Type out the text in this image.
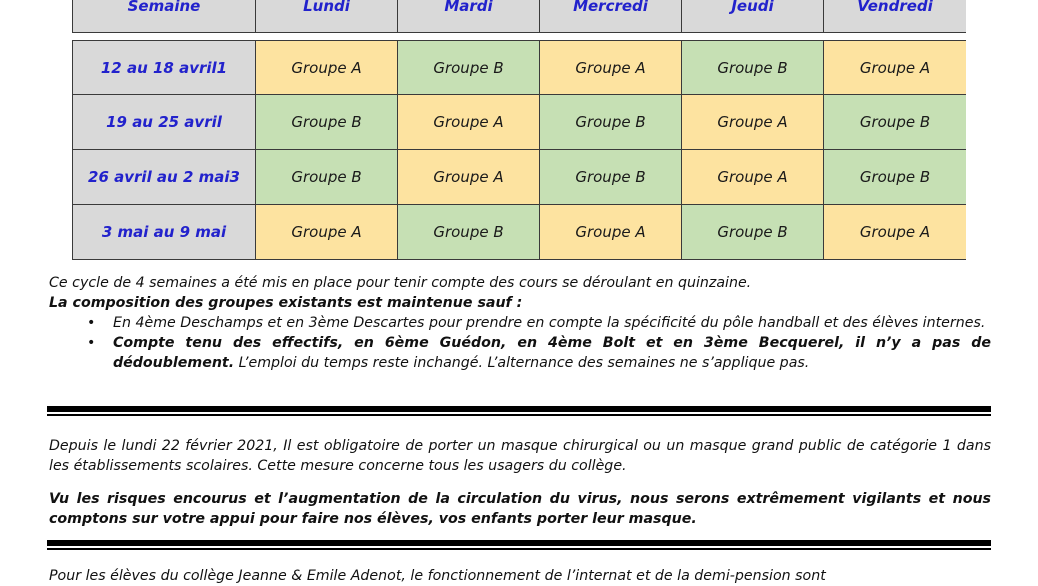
Semaine	Lundi	Mardi	Mercredi	Jeudi	Vendredi
12 au 18 avril1	Groupe A	Groupe B	Groupe A	Groupe B	Groupe A
19 au 25 avril	Groupe B	Groupe A	Groupe B	Groupe A	Groupe B
26 avril au 2 mai3	Groupe B	Groupe A	Groupe B	Groupe A	Groupe B
3 mai au 9 mai	Groupe A	Groupe B	Groupe A	Groupe B	Groupe A
Ce cycle de 4 semaines a été mis en place pour tenir compte des cours se déroulant en quinzaine.
La composition des groupes existants est maintenue sauf :
• En 4ème Deschamps et en 3ème Descartes pour prendre en compte la spécificité du pôle handball et des élèves internes.
• Compte tenu des effectifs, en 6ème Guédon, en 4ème Bolt et en 3ème Becquerel, il n’y a pas de dédoublement. L’emploi du temps reste inchangé. L’alternance des semaines ne s’applique pas.
Depuis le lundi 22 février 2021, Il est obligatoire de porter un masque chirurgical ou un masque grand public de catégorie 1 dans les établissements scolaires. Cette mesure concerne tous les usagers du collège.
Vu les risques encourus et l’augmentation de la circulation du virus, nous serons extrêmement vigilants et nous comptons sur votre appui pour faire nos élèves, vos enfants porter leur masque.
Pour les élèves du collège Jeanne & Emile Adenot, le fonctionnement de l’internat et de la demi-pension sont
